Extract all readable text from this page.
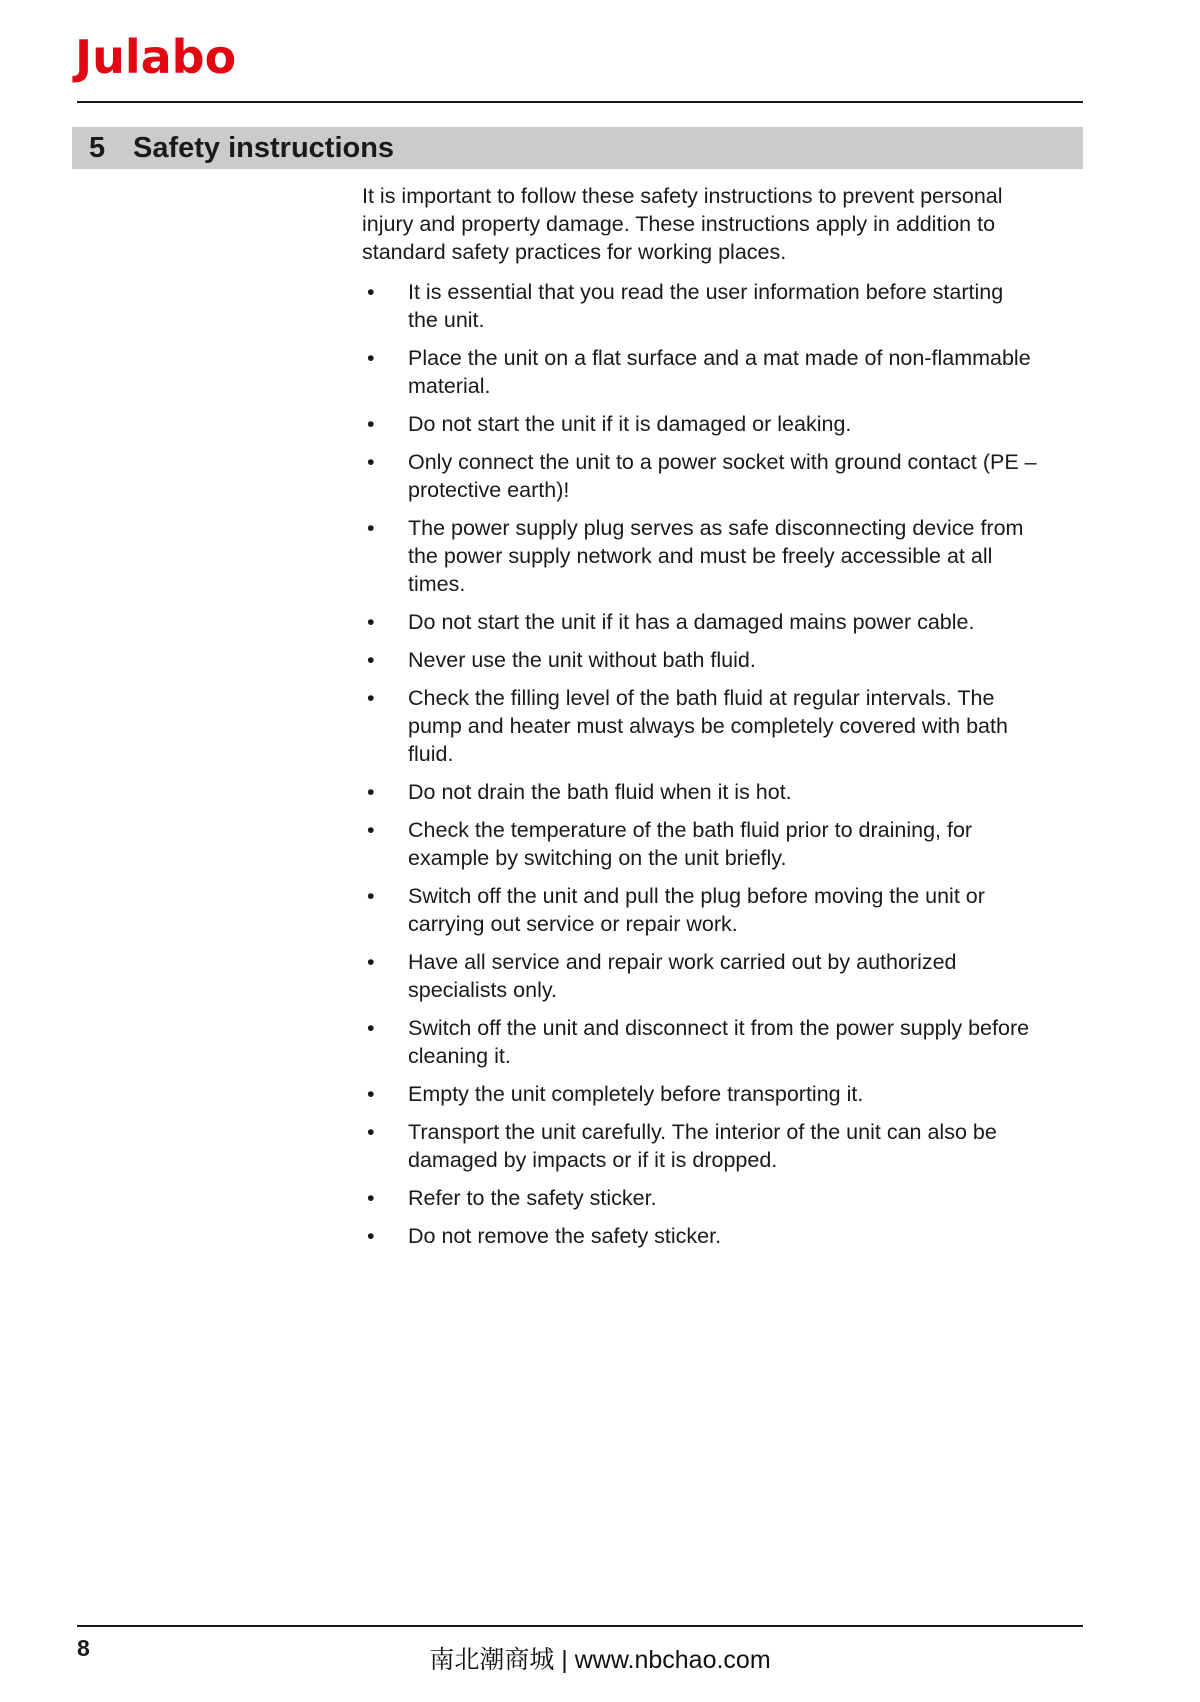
Julabo
5 Safety instructions

It is important to follow these safety instructions to prevent personal injury and property damage. These instructions apply in addition to standard safety practices for working places.

• It is essential that you read the user information before starting the unit.
• Place the unit on a flat surface and a mat made of non-flammable material.
• Do not start the unit if it is damaged or leaking.
• Only connect the unit to a power socket with ground contact (PE – protective earth)!
• The power supply plug serves as safe disconnecting device from the power supply network and must be freely accessible at all times.
• Do not start the unit if it has a damaged mains power cable.
• Never use the unit without bath fluid.
• Check the filling level of the bath fluid at regular intervals. The pump and heater must always be completely covered with bath fluid.
• Do not drain the bath fluid when it is hot.
• Check the temperature of the bath fluid prior to draining, for example by switching on the unit briefly.
• Switch off the unit and pull the plug before moving the unit or carrying out service or repair work.
• Have all service and repair work carried out by authorized specialists only.
• Switch off the unit and disconnect it from the power supply before cleaning it.
• Empty the unit completely before transporting it.
• Transport the unit carefully. The interior of the unit can also be damaged by impacts or if it is dropped.
• Refer to the safety sticker.
• Do not remove the safety sticker.
8	南北潮商城 | www.nbchao.com
